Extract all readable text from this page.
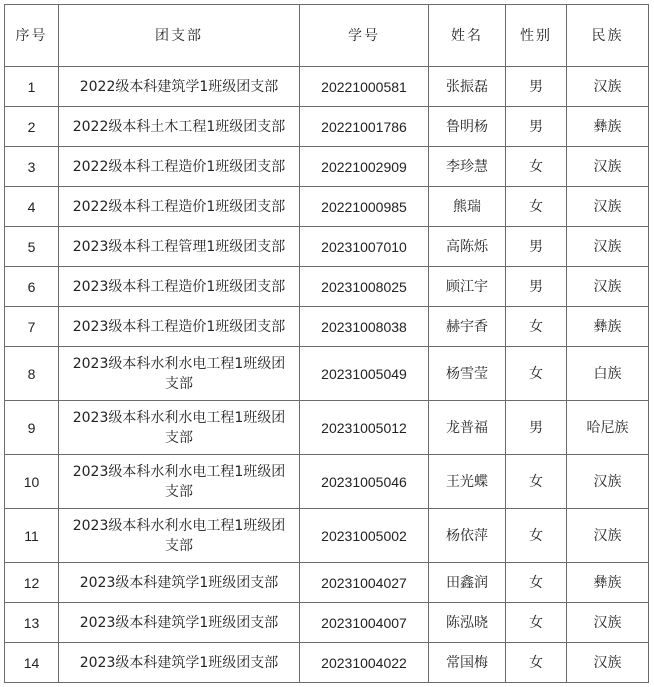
序号	团支部	学号	姓名	性别	民族
1	2022级本科建筑学1班级团支部	20221000581	张振磊	男	汉族
2	2022级本科土木工程1班级团支部	20221001786	鲁明杨	男	彝族
3	2022级本科工程造价1班级团支部	20221002909	李珍慧	女	汉族
4	2022级本科工程造价1班级团支部	20221000985	熊瑞	女	汉族
5	2023级本科工程管理1班级团支部	20231007010	高陈烁	男	汉族
6	2023级本科工程造价1班级团支部	20231008025	顾江宇	男	汉族
7	2023级本科工程造价1班级团支部	20231008038	赫宇香	女	彝族
8	2023级本科水利水电工程1班级团支部	20231005049	杨雪莹	女	白族
9	2023级本科水利水电工程1班级团支部	20231005012	龙普福	男	哈尼族
10	2023级本科水利水电工程1班级团支部	20231005046	王光蝶	女	汉族
11	2023级本科水利水电工程1班级团支部	20231005002	杨依萍	女	汉族
12	2023级本科建筑学1班级团支部	20231004027	田鑫润	女	彝族
13	2023级本科建筑学1班级团支部	20231004007	陈泓晓	女	汉族
14	2023级本科建筑学1班级团支部	20231004022	常国梅	女	汉族
